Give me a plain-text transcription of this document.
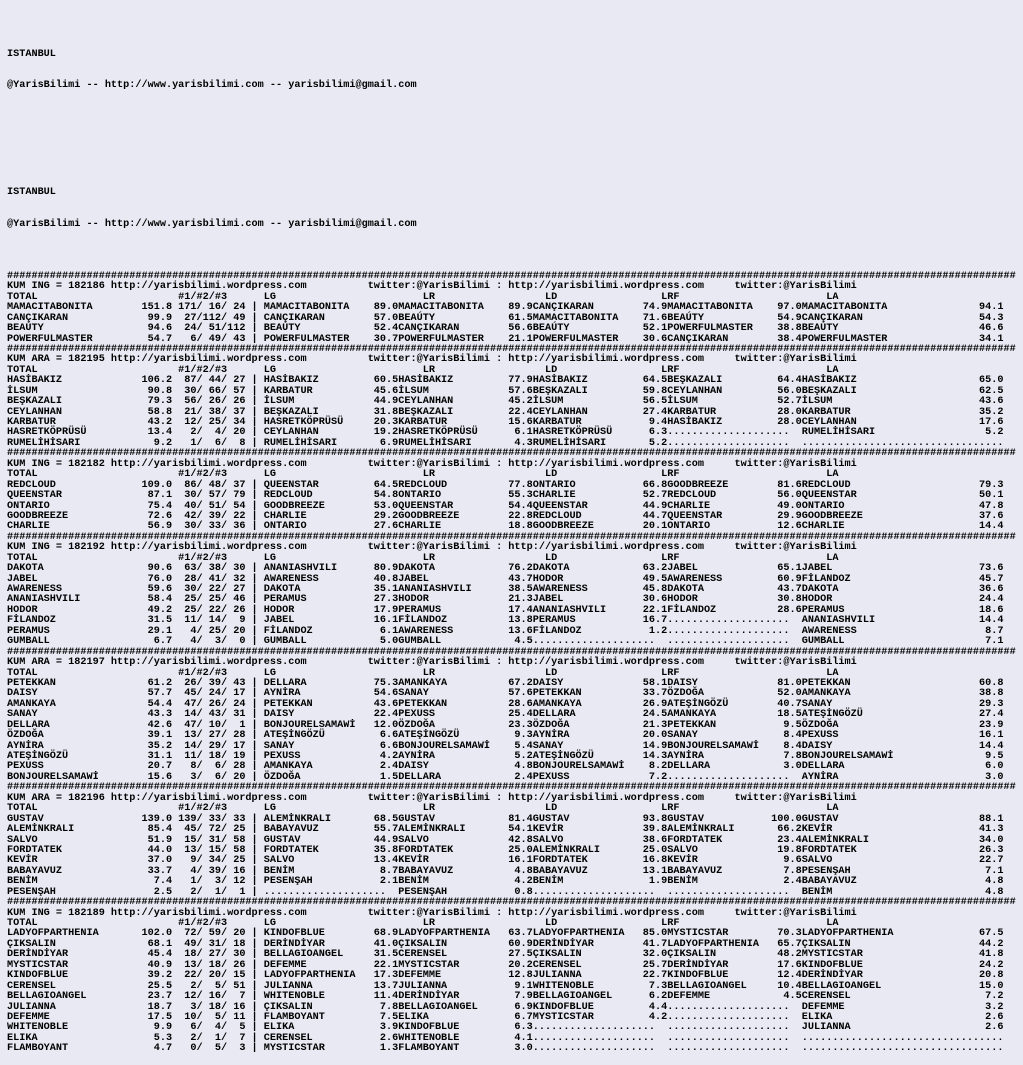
ISTANBUL

@YarisBilimi -- http://www.yarisbilimi.com -- yarisbilimi@gmail.com

ISTANBUL

@YarisBilimi -- http://www.yarisbilimi.com -- yarisbilimi@gmail.com

#####################################################################################################################################################################
KUM ING = 182186 http://yarisbilimi.wordpress.com          twitter:@YarisBilimi : http://yarisbilimi.wordpress.com     twitter:@YarisBilimi
TOTAL                       #1/#2/#3      LG                        LR                  LD                 LRF                        LA
MAMACITABONITA        151.8 171/ 16/ 24 | MAMACITABONITA    89.0MAMACITABONITA    89.9CANÇIKARAN        74.9MAMACITABONITA    97.0MAMACITABONITA               94.1
CANÇIKARAN             99.9  27/112/ 49 | CANÇIKARAN        57.0BEAÚTY            61.5MAMACITABONITA    71.6BEAÚTY            54.9CANÇIKARAN                   54.3
BEAÚTY                 94.6  24/ 51/112 | BEAÚTY            52.4CANÇIKARAN        56.6BEAÚTY            52.1POWERFULMASTER    38.8BEAÚTY                       46.6
POWERFULMASTER         54.7   6/ 49/ 43 | POWERFULMASTER    30.7POWERFULMASTER    21.1POWERFULMASTER    30.6CANÇIKARAN        38.4POWERFULMASTER               34.1
#####################################################################################################################################################################
KUM ARA = 182195 http://yarisbilimi.wordpress.com          twitter:@YarisBilimi : http://yarisbilimi.wordpress.com     twitter:@YarisBilimi
TOTAL                       #1/#2/#3      LG                        LR                  LD                 LRF                        LA
HASİBAKIZ             106.2  87/ 44/ 27 | HASİBAKIZ         60.5HASİBAKIZ         77.9HASİBAKIZ         64.5BEŞKAZALI         64.4HASİBAKIZ                    65.0
İLSUM                  90.8  30/ 66/ 57 | KARBATUR          45.6İLSUM             57.6BEŞKAZALI         59.8CEYLANHAN         56.0BEŞKAZALI                    62.5
BEŞKAZALI              79.3  56/ 26/ 26 | İLSUM             44.9CEYLANHAN         45.2İLSUM             56.5İLSUM             52.7İLSUM                        43.6
CEYLANHAN              58.8  21/ 38/ 37 | BEŞKAZALI         31.8BEŞKAZALI         22.4CEYLANHAN         27.4KARBATUR          28.0KARBATUR                     35.2
KARBATUR               43.2  12/ 25/ 34 | HASRETKÖPRÜSÜ     20.3KARBATUR          15.6KARBATUR           9.4HASİBAKIZ         28.0CEYLANHAN                    17.6
HASRETKÖPRÜSÜ          13.4   2/  4/ 20 | CEYLANHAN         19.2HASRETKÖPRÜSÜ      6.1HASRETKÖPRÜSÜ      6.3....................  RUMELİHİSARI                  5.2
RUMELİHİSARI            9.2   1/  6/  8 | RUMELİHİSARI       6.9RUMELİHİSARI       4.3RUMELİHİSARI       5.2....................  .................................
#####################################################################################################################################################################
KUM ING = 182182 http://yarisbilimi.wordpress.com          twitter:@YarisBilimi : http://yarisbilimi.wordpress.com     twitter:@YarisBilimi
TOTAL                       #1/#2/#3      LG                        LR                  LD                 LRF                        LA
REDCLOUD              109.0  86/ 48/ 37 | QUEENSTAR         64.5REDCLOUD          77.8ONTARIO           66.8GOODBREEZE        81.6REDCLOUD                     79.3
QUEENSTAR              87.1  30/ 57/ 79 | REDCLOUD          54.8ONTARIO           55.3CHARLIE           52.7REDCLOUD          56.0QUEENSTAR                    50.1
ONTARIO                75.4  40/ 51/ 54 | GOODBREEZE        53.0QUEENSTAR         54.4QUEENSTAR         44.9CHARLIE           49.0ONTARIO                      47.8
GOODBREEZE             72.6  42/ 39/ 22 | CHARLIE           29.2GOODBREEZE        22.8REDCLOUD          44.7QUEENSTAR         29.9GOODBREEZE                   37.6
CHARLIE                56.9  30/ 33/ 36 | ONTARIO           27.6CHARLIE           18.8GOODBREEZE        20.1ONTARIO           12.6CHARLIE                      14.4
#####################################################################################################################################################################
KUM ING = 182192 http://yarisbilimi.wordpress.com          twitter:@YarisBilimi : http://yarisbilimi.wordpress.com     twitter:@YarisBilimi
TOTAL                       #1/#2/#3      LG                        LR                  LD                 LRF                        LA
DAKOTA                 90.6  63/ 38/ 30 | ANANIASHVILI      80.9DAKOTA            76.2DAKOTA            63.2JABEL             65.1JABEL                        73.6
JABEL                  76.0  28/ 41/ 32 | AWARENESS         40.8JABEL             43.7HODOR             49.5AWARENESS         60.9FİLANDOZ                     45.7
AWARENESS              59.6  30/ 22/ 27 | DAKOTA            35.1ANANIASHVILI      38.5AWARENESS         45.8DAKOTA            43.7DAKOTA                       36.6
ANANIASHVILI           58.4  25/ 25/ 46 | PERAMUS           27.3HODOR             21.3JABEL             30.6HODOR             30.8HODOR                        24.4
HODOR                  49.2  25/ 22/ 26 | HODOR             17.9PERAMUS           17.4ANANIASHVILI      22.1FİLANDOZ          28.6PERAMUS                      18.6
FİLANDOZ               31.5  11/ 14/  9 | JABEL             16.1FİLANDOZ          13.8PERAMUS           16.7....................  ANANIASHVILI                 14.4
PERAMUS                29.1   4/ 25/ 20 | FİLANDOZ           6.1AWARENESS         13.6FİLANDOZ           1.2....................  AWARENESS                     8.7
GUMBALL                 6.7   4/  3/  0 | GUMBALL            5.0GUMBALL            4.5....................  ....................  GUMBALL                       7.1
#####################################################################################################################################################################
KUM ARA = 182197 http://yarisbilimi.wordpress.com          twitter:@YarisBilimi : http://yarisbilimi.wordpress.com     twitter:@YarisBilimi
TOTAL                       #1/#2/#3      LG                        LR                  LD                 LRF                        LA
PETEKKAN               61.2  26/ 39/ 43 | DELLARA           75.3AMANKAYA          67.2DAISY             58.1DAISY             81.0PETEKKAN                     60.8
DAISY                  57.7  45/ 24/ 17 | AYNİRA            54.6SANAY             57.6PETEKKAN          33.7ÖZDOĞA            52.0AMANKAYA                     38.8
AMANKAYA               54.4  47/ 26/ 24 | PETEKKAN          43.6PETEKKAN          28.6AMANKAYA          26.9ATEŞİNGÖZÜ        40.7SANAY                        29.3
SANAY                  43.3  14/ 43/ 31 | DAISY             22.4PEXUSS            25.4DELLARA           24.5AMANKAYA          18.5ATEŞİNGÖZÜ                   27.4
DELLARA                42.6  47/ 10/  1 | BONJOURELSAMAWİ   12.0ÖZDOĞA            23.3ÖZDOĞA            21.3PETEKKAN           9.5ÖZDOĞA                       23.9
ÖZDOĞA                 39.1  13/ 27/ 28 | ATEŞİNGÖZÜ         6.6ATEŞİNGÖZÜ         9.3AYNİRA            20.0SANAY              8.4PEXUSS                       16.1
AYNİRA                 35.2  14/ 29/ 17 | SANAY              6.6BONJOURELSAMAWİ    5.4SANAY             14.9BONJOURELSAMAWİ    8.4DAISY                        14.4
ATEŞİNGÖZÜ             31.1  11/ 18/ 19 | PEXUSS             4.2AYNİRA             5.2ATEŞİNGÖZÜ        14.3AYNİRA             7.8BONJOURELSAMAWİ               9.5
PEXUSS                 20.7   8/  6/ 28 | AMANKAYA           2.4DAISY              4.8BONJOURELSAMAWİ    8.2DELLARA            3.0DELLARA                       6.0
BONJOURELSAMAWİ        15.6   3/  6/ 20 | ÖZDOĞA             1.5DELLARA            2.4PEXUSS             7.2....................  AYNİRA                        3.0
#####################################################################################################################################################################
KUM ARA = 182196 http://yarisbilimi.wordpress.com          twitter:@YarisBilimi : http://yarisbilimi.wordpress.com     twitter:@YarisBilimi
TOTAL                       #1/#2/#3      LG                        LR                  LD                 LRF                        LA
GUSTAV                139.0 139/ 33/ 33 | ALEMİNKRALI       68.5GUSTAV            81.4GUSTAV            93.8GUSTAV           100.0GUSTAV                       88.1
ALEMİNKRALI            85.4  45/ 72/ 25 | BABAYAVUZ         55.7ALEMİNKRALI       54.1KEVİR             39.8ALEMİNKRALI       66.2KEVİR                        41.3
SALVO                  51.9  15/ 31/ 58 | GUSTAV            44.9SALVO             42.8SALVO             38.6FORDTATEK         23.4ALEMİNKRALI                  34.0
FORDTATEK              44.0  13/ 15/ 58 | FORDTATEK         35.8FORDTATEK         25.0ALEMİNKRALI       25.0SALVO             19.8FORDTATEK                    26.3
KEVİR                  37.0   9/ 34/ 25 | SALVO             13.4KEVİR             16.1FORDTATEK         16.8KEVİR              9.6SALVO                        22.7
BABAYAVUZ              33.7   4/ 39/ 16 | BENİM              8.7BABAYAVUZ          4.8BABAYAVUZ         13.1BABAYAVUZ          7.8PESENŞAH                      7.1
BENİM                   7.4   1/  3/ 12 | PESENŞAH           2.1BENİM              4.2BENİM              1.9BENİM              2.4BABAYAVUZ                     4.8
PESENŞAH                2.5   2/  1/  1 | ....................  PESENŞAH           0.8....................  ....................  BENİM                         4.8
#####################################################################################################################################################################
KUM ING = 182189 http://yarisbilimi.wordpress.com          twitter:@YarisBilimi : http://yarisbilimi.wordpress.com     twitter:@YarisBilimi
TOTAL                       #1/#2/#3      LG                        LR                  LD                 LRF                        LA
LADYOFPARTHENIA       102.0  72/ 59/ 20 | KINDOFBLUE        68.9LADYOFPARTHENIA   63.7LADYOFPARTHENIA   85.0MYSTICSTAR        70.3LADYOFPARTHENIA              67.5
ÇIKSALIN               68.1  49/ 31/ 18 | DERİNDİYAR        41.0ÇIKSALIN          60.9DERİNDİYAR        41.7LADYOFPARTHENIA   65.7ÇIKSALIN                     44.2
DERİNDİYAR             45.4  18/ 27/ 30 | BELLAGIOANGEL     31.5CERENSEL          27.5ÇIKSALIN          32.0ÇIKSALIN          48.2MYSTICSTAR                   41.8
MYSTICSTAR             40.9  13/ 18/ 26 | DEFEMME           22.1MYSTICSTAR        20.2CERENSEL          25.7DERİNDİYAR        17.6KINDOFBLUE                   24.2
KINDOFBLUE             39.2  22/ 20/ 15 | LADYOFPARTHENIA   17.3DEFEMME           12.8JULIANNA          22.7KINDOFBLUE        12.4DERİNDİYAR                   20.8
CERENSEL               25.5   2/  5/ 51 | JULIANNA          13.7JULIANNA           9.1WHITENOBLE         7.3BELLAGIOANGEL     10.4BELLAGIOANGEL                15.0
BELLAGIOANGEL          23.7  12/ 16/  7 | WHITENOBLE        11.4DERİNDİYAR         7.9BELLAGIOANGEL      6.2DEFEMME            4.5CERENSEL                      7.2
JULIANNA               18.7   3/ 18/ 16 | ÇIKSALIN           7.8BELLAGIOANGEL      6.9KINDOFBLUE         4.4....................  DEFEMME                       3.2
DEFEMME                17.5  10/  5/ 11 | FLAMBOYANT         7.5ELIKA              6.7MYSTICSTAR         4.2....................  ELIKA                         2.6
WHITENOBLE              9.9   6/  4/  5 | ELIKA              3.9KINDOFBLUE         6.3....................  ....................  JULIANNA                      2.6
ELIKA                   5.3   2/  1/  7 | CERENSEL           2.6WHITENOBLE         4.1....................  ....................  .................................
FLAMBOYANT              4.7   0/  5/  3 | MYSTICSTAR         1.3FLAMBOYANT         3.0....................  ....................  .................................
